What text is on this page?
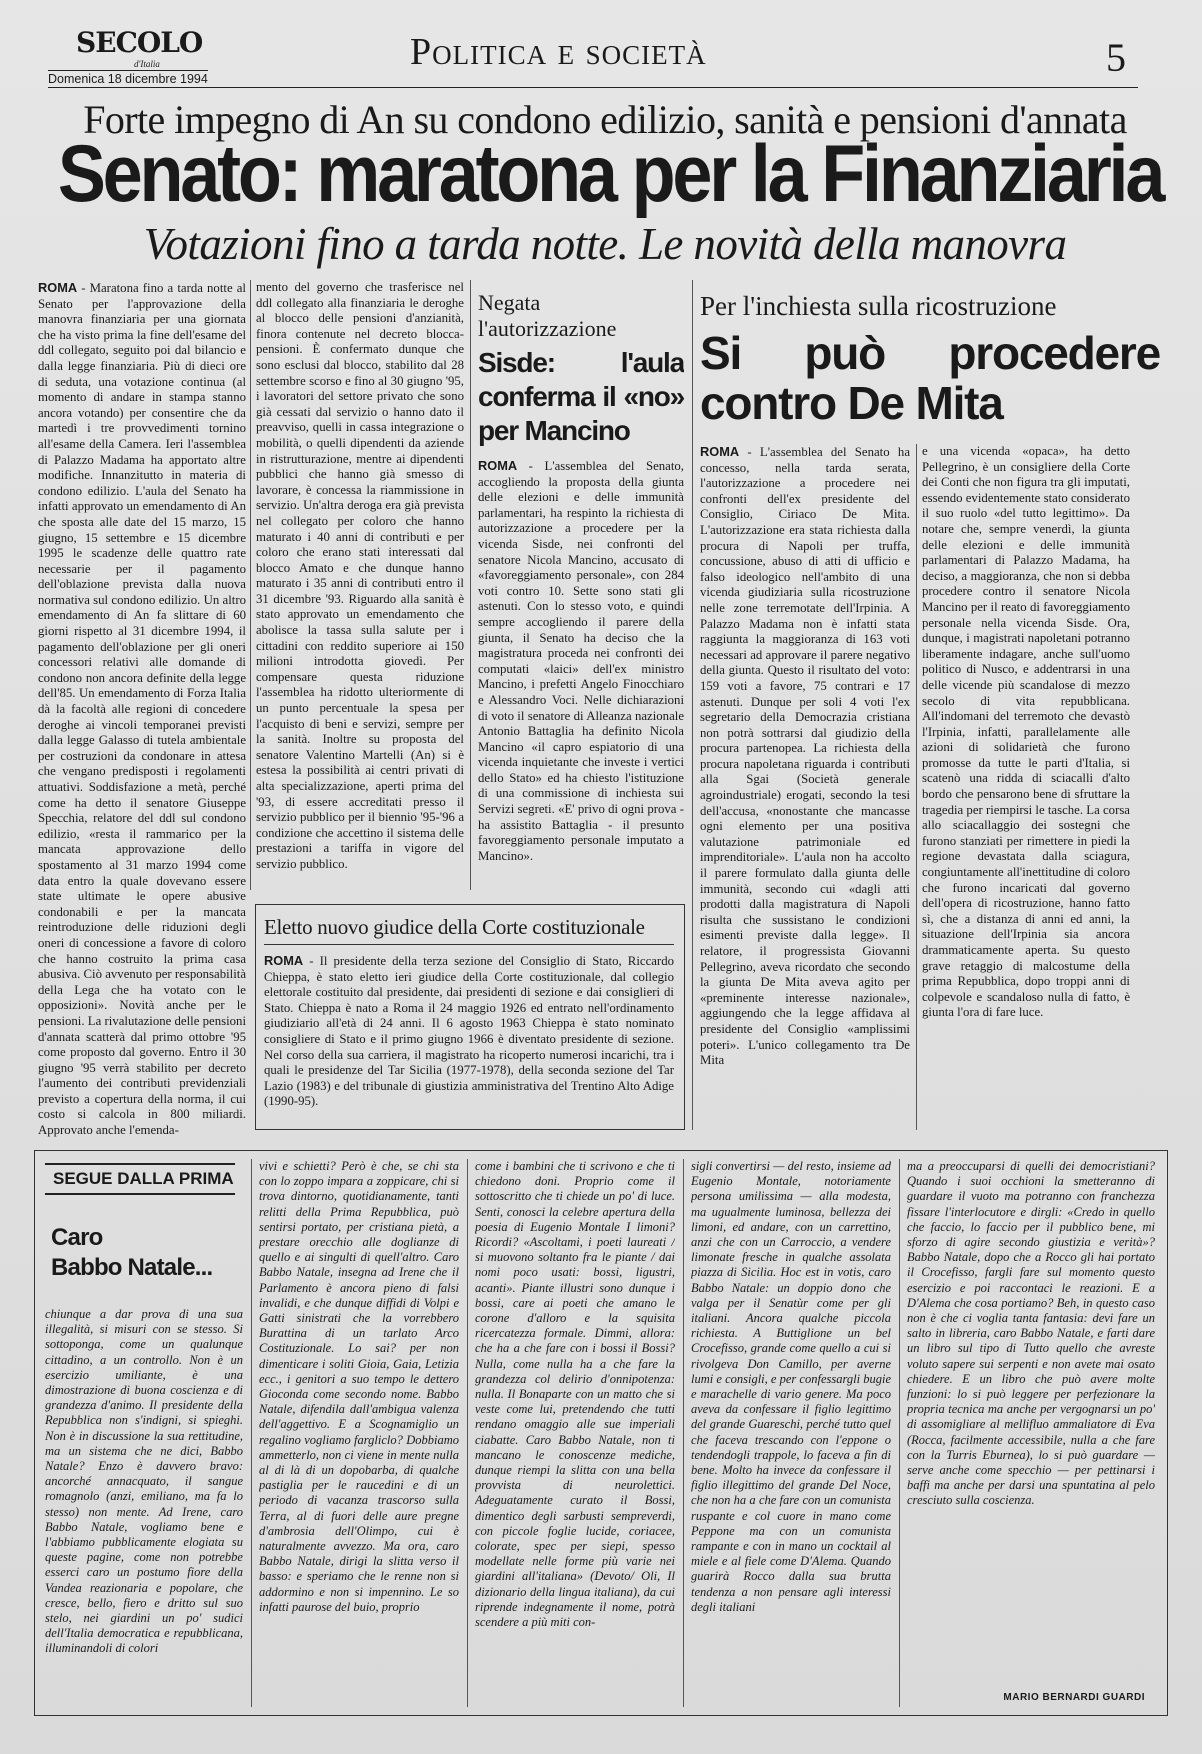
SECOLO
d'Italia
Domenica 18 dicembre 1994
Politica e società	5
Forte impegno di An su condono edilizio, sanità e pensioni d'annata
Senato: maratona per la Finanziaria
Votazioni fino a tarda notte. Le novità della manovra
ROMA - Maratona fino a tarda notte al Senato per l'approvazione della manovra finanziaria per una giornata che ha visto prima la fine dell'esame del ddl collegato, seguito poi dal bilancio e dalla legge finanziaria. Più di dieci ore di seduta, una votazione continua (al momento di andare in stampa stanno ancora votando) per consentire che da martedì i tre provvedimenti tornino all'esame della Camera. Ieri l'assemblea di Palazzo Madama ha apportato altre modifiche. Innanzitutto in materia di condono edilizio. L'aula del Senato ha infatti approvato un emendamento di An che sposta alle date del 15 marzo, 15 giugno, 15 settembre e 15 dicembre 1995 le scadenze delle quattro rate necessarie per il pagamento dell'oblazione prevista dalla nuova normativa sul condono edilizio. Un altro emendamento di An fa slittare di 60 giorni rispetto al 31 dicembre 1994, il pagamento dell'oblazione per gli oneri concessori relativi alle domande di condono non ancora definite della legge dell'85. Un emendamento di Forza Italia dà la facoltà alle regioni di concedere deroghe ai vincoli temporanei previsti dalla legge Galasso di tutela ambientale per costruzioni da condonare in attesa che vengano predisposti i regolamenti attuativi. Soddisfazione a metà, perché come ha detto il senatore Giuseppe Specchia, relatore del ddl sul condono edilizio, «resta il rammarico per la mancata approvazione dello spostamento al 31 marzo 1994 come data entro la quale dovevano essere state ultimate le opere abusive condonabili e per la mancata reintroduzione delle riduzioni degli oneri di concessione a favore di coloro che hanno costruito la prima casa abusiva. Ciò avvenuto per responsabilità della Lega che ha votato con le opposizioni». Novità anche per le pensioni. La rivalutazione delle pensioni d'annata scatterà dal primo ottobre '95 come proposto dal governo. Entro il 30 giugno '95 verrà stabilito per decreto l'aumento dei contributi previdenziali previsto a copertura della norma, il cui costo si calcola in 800 miliardi. Approvato anche l'emenda-
mento del governo che trasferisce nel ddl collegato alla finanziaria le deroghe al blocco delle pensioni d'anzianità, finora contenute nel decreto blocca-pensioni. È confermato dunque che sono esclusi dal blocco, stabilito dal 28 settembre scorso e fino al 30 giugno '95, i lavoratori del settore privato che sono già cessati dal servizio o hanno dato il preavviso, quelli in cassa integrazione o mobilità, o quelli dipendenti da aziende in ristrutturazione, mentre ai dipendenti pubblici che hanno già smesso di lavorare, è concessa la riammissione in servizio. Un'altra deroga era già prevista nel collegato per coloro che hanno maturato i 40 anni di contributi e per coloro che erano stati interessati dal blocco Amato e che dunque hanno maturato i 35 anni di contributi entro il 31 dicembre '93. Riguardo alla sanità è stato approvato un emendamento che abolisce la tassa sulla salute per i cittadini con reddito superiore ai 150 milioni introdotta giovedì. Per compensare questa riduzione l'assemblea ha ridotto ulteriormente di un punto percentuale la spesa per l'acquisto di beni e servizi, sempre per la sanità. Inoltre su proposta del senatore Valentino Martelli (An) si è estesa la possibilità ai centri privati di alta specializzazione, aperti prima del '93, di essere accreditati presso il servizio pubblico per il biennio '95-'96 a condizione che accettino il sistema delle prestazioni a tariffa in vigore del servizio pubblico.
Negata l'autorizzazione
Sisde: l'aula conferma il «no» per Mancino
ROMA - L'assemblea del Senato, accogliendo la proposta della giunta delle elezioni e delle immunità parlamentari, ha respinto la richiesta di autorizzazione a procedere per la vicenda Sisde, nei confronti del senatore Nicola Mancino, accusato di «favoreggiamento personale», con 284 voti contro 10. Sette sono stati gli astenuti. Con lo stesso voto, e quindi sempre accogliendo il parere della giunta, il Senato ha deciso che la magistratura proceda nei confronti dei computati «laici» dell'ex ministro Mancino, i prefetti Angelo Finocchiaro e Alessandro Voci. Nelle dichiarazioni di voto il senatore di Alleanza nazionale Antonio Battaglia ha definito Nicola Mancino «il capro espiatorio di una vicenda inquietante che investe i vertici dello Stato» ed ha chiesto l'istituzione di una commissione di inchiesta sui Servizi segreti. «E' privo di ogni prova - ha assistito Battaglia - il presunto favoreggiamento personale imputato a Mancino».
Per l'inchiesta sulla ricostruzione
Si può procedere contro De Mita
ROMA - L'assemblea del Senato ha concesso, nella tarda serata, l'autorizzazione a procedere nei confronti dell'ex presidente del Consiglio, Ciriaco De Mita. L'autorizzazione era stata richiesta dalla procura di Napoli per truffa, concussione, abuso di atti di ufficio e falso ideologico nell'ambito di una vicenda giudiziaria sulla ricostruzione nelle zone terremotate dell'Irpinia. A Palazzo Madama non è infatti stata raggiunta la maggioranza di 163 voti necessari ad approvare il parere negativo della giunta. Questo il risultato del voto: 159 voti a favore, 75 contrari e 17 astenuti. Dunque per soli 4 voti l'ex segretario della Democrazia cristiana non potrà sottrarsi dal giudizio della procura partenopea. La richiesta della procura napoletana riguarda i contributi alla Sgai (Società generale agroindustriale) erogati, secondo la tesi dell'accusa, «nonostante che mancasse ogni elemento per una positiva valutazione patrimoniale ed imprenditoriale». L'aula non ha accolto il parere formulato dalla giunta delle immunità, secondo cui «dagli atti prodotti dalla magistratura di Napoli risulta che sussistano le condizioni esimenti previste dalla legge». Il relatore, il progressista Giovanni Pellegrino, aveva ricordato che secondo la giunta De Mita aveva agito per «preminente interesse nazionale», aggiungendo che la legge affidava al presidente del Consiglio «amplissimi poteri». L'unico collegamento tra De Mita
e una vicenda «opaca», ha detto Pellegrino, è un consigliere della Corte dei Conti che non figura tra gli imputati, essendo evidentemente stato considerato il suo ruolo «del tutto legittimo». Da notare che, sempre venerdì, la giunta delle elezioni e delle immunità parlamentari di Palazzo Madama, ha deciso, a maggioranza, che non si debba procedere contro il senatore Nicola Mancino per il reato di favoreggiamento personale nella vicenda Sisde. Ora, dunque, i magistrati napoletani potranno liberamente indagare, anche sull'uomo politico di Nusco, e addentrarsi in una delle vicende più scandalose di mezzo secolo di vita repubblicana. All'indomani del terremoto che devastò l'Irpinia, infatti, parallelamente alle azioni di solidarietà che furono promosse da tutte le parti d'Italia, si scatenò una ridda di sciacalli d'alto bordo che pensarono bene di sfruttare la tragedia per riempirsi le tasche. La corsa allo sciacallaggio dei sostegni che furono stanziati per rimettere in piedi la regione devastata dalla sciagura, congiuntamente all'inettitudine di coloro che furono incaricati dal governo dell'opera di ricostruzione, hanno fatto sì, che a distanza di anni ed anni, la situazione dell'Irpinia sia ancora drammaticamente aperta. Su questo grave retaggio di malcostume della prima Repubblica, dopo troppi anni di colpevole e scandaloso nulla di fatto, è giunta l'ora di fare luce.
Eletto nuovo giudice della Corte costituzionale
ROMA - Il presidente della terza sezione del Consiglio di Stato, Riccardo Chieppa, è stato eletto ieri giudice della Corte costituzionale, dal collegio elettorale costituito dal presidente, dai presidenti di sezione e dai consiglieri di Stato. Chieppa è nato a Roma il 24 maggio 1926 ed entrato nell'ordinamento giudiziario all'età di 24 anni. Il 6 agosto 1963 Chieppa è stato nominato consigliere di Stato e il primo giugno 1966 è diventato presidente di sezione. Nel corso della sua carriera, il magistrato ha ricoperto numerosi incarichi, tra i quali le presidenze del Tar Sicilia (1977-1978), della seconda sezione del Tar Lazio (1983) e del tribunale di giustizia amministrativa del Trentino Alto Adige (1990-95).
SEGUE DALLA PRIMA
Caro
Babbo Natale...
chiunque a dar prova di una sua illegalità, si misuri con se stesso. Si sottoponga, come un qualunque cittadino, a un controllo. Non è un esercizio umiliante, è una dimostrazione di buona coscienza e di grandezza d'animo. Il presidente della Repubblica non s'indigni, si spieghi. Non è in discussione la sua rettitudine, ma un sistema che ne dici, Babbo Natale? Enzo è davvero bravo: ancorché annacquato, il sangue romagnolo (anzi, emiliano, ma fa lo stesso) non mente. Ad Irene, caro Babbo Natale, vogliamo bene e l'abbiamo pubblicamente elogiata su queste pagine, come non potrebbe esserci caro un postumo fiore della Vandea reazionaria e popolare, che cresce, bello, fiero e dritto sul suo stelo, nei giardini un po' sudici dell'Italia democratica e repubblicana, illuminandoli di colori
vivi e schietti? Però è che, se chi sta con lo zoppo impara a zoppicare, chi si trova dintorno, quotidianamente, tanti relitti della Prima Repubblica, può sentirsi portato, per cristiana pietà, a prestare orecchio alle doglianze di quello e ai singulti di quell'altro. Caro Babbo Natale, insegna ad Irene che il Parlamento è ancora pieno di falsi invalidi, e che dunque diffidi di Volpi e Gatti sinistrati che la vorrebbero Burattina di un tarlato Arco Costituzionale. Lo sai? per non dimenticare i soliti Gioia, Gaia, Letizia ecc., i genitori a suo tempo le dettero Gioconda come secondo nome. Babbo Natale, difendila dall'ambigua valenza dell'aggettivo. E a Scognamiglio un regalino vogliamo fargliclo? Dobbiamo ammetterlo, non ci viene in mente nulla al di là di un dopobarba, di qualche pastiglia per le raucedini e di un periodo di vacanza trascorso sulla Terra, al di fuori delle aure pregne d'ambrosia dell'Olimpo, cui è naturalmente avvezzo. Ma ora, caro Babbo Natale, dirigi la slitta verso il basso: e speriamo che le renne non si addormino e non si impennino. Le so infatti paurose del buio, proprio
come i bambini che ti scrivono e che ti chiedono doni. Proprio come il sottoscritto che ti chiede un po' di luce. Senti, conosci la celebre apertura della poesia di Eugenio Montale I limoni? Ricordi? «Ascoltami, i poeti laureati / si muovono soltanto fra le piante / dai nomi poco usati: bossi, ligustri, acanti». Piante illustri sono dunque i bossi, care ai poeti che amano le corone d'alloro e la squisita ricercatezza formale. Dimmi, allora: che ha a che fare con i bossi il Bossi? Nulla, come nulla ha a che fare la grandezza col delirio d'onnipotenza: nulla. Il Bonaparte con un matto che si veste come lui, pretendendo che tutti rendano omaggio alle sue imperiali ciabatte. Caro Babbo Natale, non ti mancano le conoscenze mediche, dunque riempi la slitta con una bella provvista di neurolettici. Adeguatamente curato il Bossi, dimentico degli sarbusti sempreverdi, con piccole foglie lucide, coriacee, colorate, spec per siepi, spesso modellate nelle forme più varie nei giardini all'italiana» (Devoto/ Oli, Il dizionario della lingua italiana), da cui riprende indegnamente il nome, potrà scendere a più miti con-
sigli convertirsi — del resto, insieme ad Eugenio Montale, notoriamente persona umilissima — alla modesta, ma ugualmente luminosa, bellezza dei limoni, ed andare, con un carrettino, anzi che con un Carroccio, a vendere limonate fresche in qualche assolata piazza di Sicilia. Hoc est in votis, caro Babbo Natale: un doppio dono che valga per il Senatùr come per gli italiani. Ancora qualche piccola richiesta. A Buttiglione un bel Crocefisso, grande come quello a cui si rivolgeva Don Camillo, per averne lumi e consigli, e per confessargli bugie e marachelle di vario genere. Ma poco aveva da confessare il figlio legittimo del grande Guareschi, perché tutto quel che faceva trescando con l'eppone o tendendogli trappole, lo faceva a fin di bene. Molto ha invece da confessare il figlio illegittimo del grande Del Noce, che non ha a che fare con un comunista ruspante e col cuore in mano come Peppone ma con un comunista rampante e con in mano un cocktail al miele e al fiele come D'Alema. Quando guarirà Rocco dalla sua brutta tendenza a non pensare agli interessi degli italiani
ma a preoccuparsi di quelli dei democristiani? Quando i suoi occhioni la smetteranno di guardare il vuoto ma potranno con franchezza fissare l'interlocutore e dirgli: «Credo in quello che faccio, lo faccio per il pubblico bene, mi sforzo di agire secondo giustizia e verità»? Babbo Natale, dopo che a Rocco gli hai portato il Crocefisso, fargli fare sul momento questo esercizio e poi raccontaci le reazioni. E a D'Alema che cosa portiamo? Beh, in questo caso non è che ci voglia tanta fantasia: devi fare un salto in libreria, caro Babbo Natale, e farti dare un libro sul tipo di Tutto quello che avreste voluto sapere sui serpenti e non avete mai osato chiedere. E un libro che può avere molte funzioni: lo si può leggere per perfezionare la propria tecnica ma anche per vergognarsi un po' di assomigliare al mellifluo ammaliatore di Eva (Rocca, facilmente accessibile, nulla a che fare con la Turris Eburnea), lo si può guardare — serve anche come specchio — per pettinarsi i baffi ma anche per darsi una spuntatina al pelo cresciuto sulla coscienza.
MARIO BERNARDI GUARDI
